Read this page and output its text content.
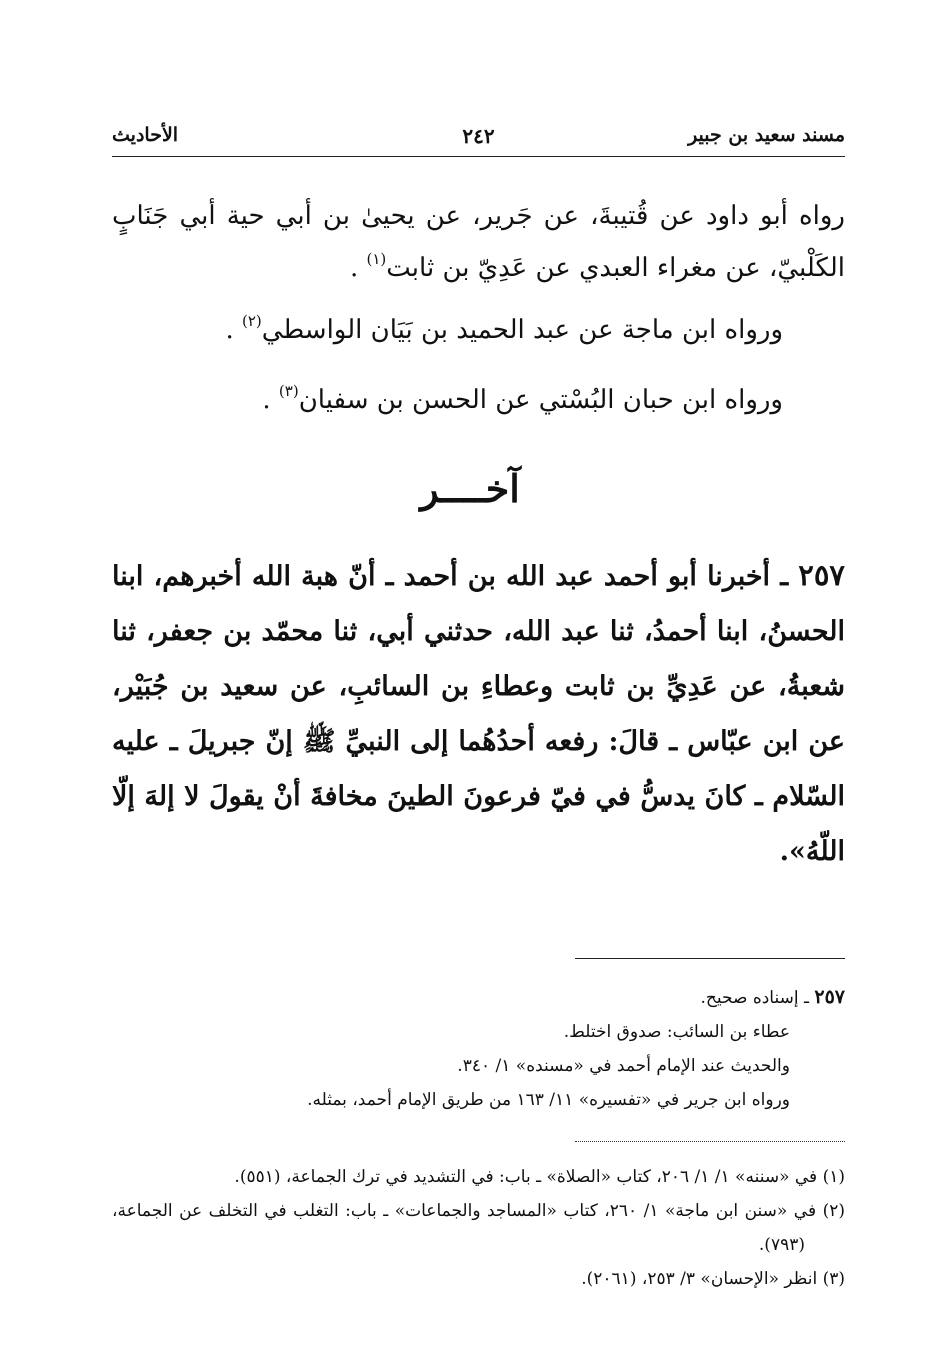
مسند سعيد بن جبير
٢٤٢
الأحاديث

رواه أبو داود عن قُتيبةَ، عن جَرير، عن يحيىٰ بن أبي حية أبي جَنَابٍ الكَلْبيّ، عن مغراء العبدي عن عَدِيّ بن ثابت$^{(١)}$ .

ورواه ابن ماجة عن عبد الحميد بن بَيَان الواسطي$^{(٢)}$ .

ورواه ابن حبان البُسْتي عن الحسن بن سفيان$^{(٣)}$ .

آخــــر

٢٥٧ ـ أخبرنا أبو أحمد عبد الله بن أحمد ـ أنّ هبة الله أخبرهم، ابنا الحسنُ، ابنا أحمدُ، ثنا عبد الله، حدثني أبي، ثنا محمّد بن جعفر، ثنا شعبةُ، عن عَدِيِّ بن ثابت وعطاءِ بن السائبِ، عن سعيد بن جُبَيْر، عن ابن عبّاس ـ قالَ: رفعه أحدُهُما إلى النبيِّ ﷺ إنّ جبريلَ ـ عليه السّلام ـ كانَ يدسُّ في فيّ فرعونَ الطينَ مخافةَ أنْ يقولَ لا إلهَ إلّا اللّهُ».

٢٥٧ ـ إسناده صحيح.

عطاء بن السائب: صدوق اختلط.

والحديث عند الإمام أحمد في «مسنده» ١/ ٣٤٠.

ورواه ابن جرير في «تفسيره» ١١/ ١٦٣ من طريق الإمام أحمد، بمثله.

(١) في «سننه» ١/ ١/ ٢٠٦، كتاب «الصلاة» ـ باب: في التشديد في ترك الجماعة، (٥٥١).

(٢) في «سنن ابن ماجة» ١/ ٢٦٠، كتاب «المساجد والجماعات» ـ باب: التغلب في التخلف عن الجماعة، (٧٩٣).

(٣) انظر «الإحسان» ٣/ ٢٥٣، (٢٠٦١).
